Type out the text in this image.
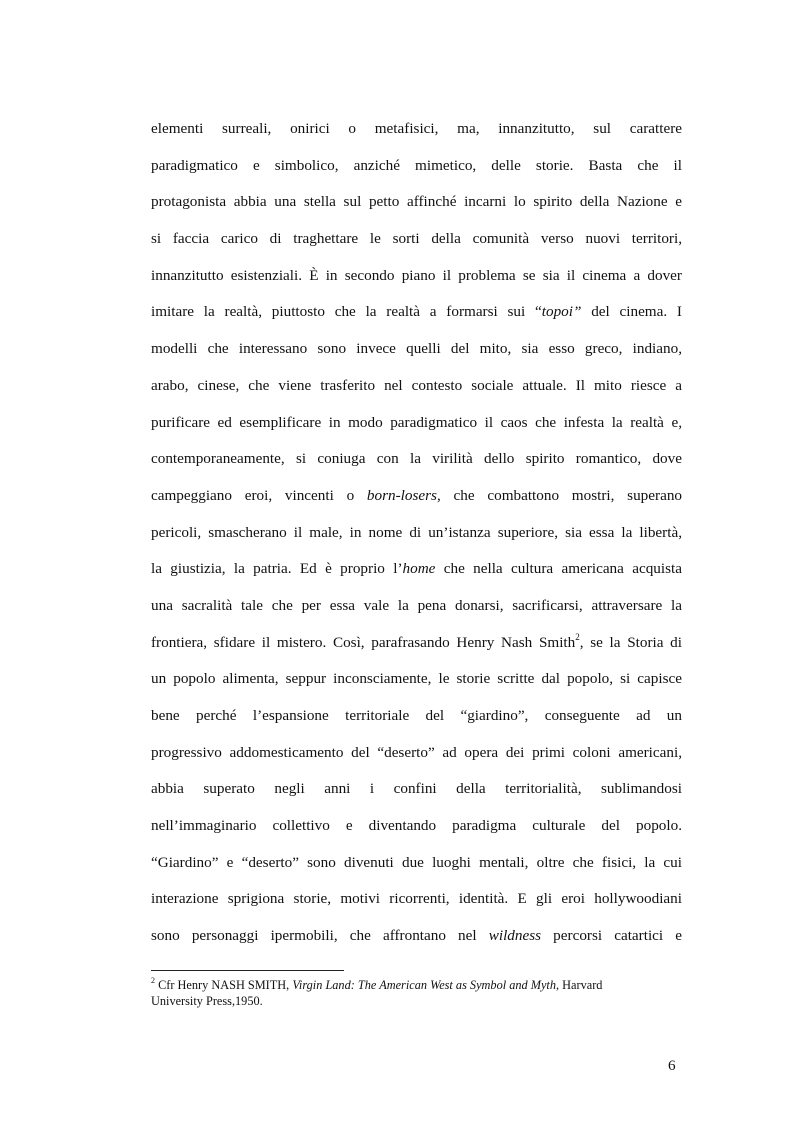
elementi surreali, onirici o metafisici, ma, innanzitutto, sul carattere
paradigmatico e simbolico, anziché mimetico, delle storie. Basta che il
protagonista abbia una stella sul petto affinché incarni lo spirito della Nazione e
si faccia carico di traghettare le sorti della comunità verso nuovi territori,
innanzitutto esistenziali. È in secondo piano il problema se sia il cinema a dover
imitare la realtà, piuttosto che la realtà a formarsi sui “topoi” del cinema. I
modelli che interessano sono invece quelli del mito, sia esso greco, indiano,
arabo, cinese, che viene trasferito nel contesto sociale attuale. Il mito riesce a
purificare ed esemplificare in modo paradigmatico il caos che infesta la realtà e,
contemporaneamente, si coniuga con la virilità dello spirito romantico, dove
campeggiano eroi, vincenti o born-losers, che combattono mostri, superano
pericoli, smascherano il male, in nome di un’istanza superiore, sia essa la libertà,
la giustizia, la patria. Ed è proprio l’home che nella cultura americana acquista
una sacralità tale che per essa vale la pena donarsi, sacrificarsi, attraversare la
frontiera, sfidare il mistero. Così, parafrasando Henry Nash Smith$^2$, se la Storia di
un popolo alimenta, seppur inconsciamente, le storie scritte dal popolo, si capisce
bene perché l’espansione territoriale del “giardino”, conseguente ad un
progressivo addomesticamento del “deserto” ad opera dei primi coloni americani,
abbia superato negli anni i confini della territorialità, sublimandosi
nell’immaginario collettivo e diventando paradigma culturale del popolo.
“Giardino” e “deserto” sono divenuti due luoghi mentali, oltre che fisici, la cui
interazione sprigiona storie, motivi ricorrenti, identità. E gli eroi hollywoodiani
sono personaggi ipermobili, che affrontano nel wildness percorsi catartici e
$^2$ Cfr Henry NASH SMITH, Virgin Land: The American West as Symbol and Myth, Harvard
University Press,1950.
6
